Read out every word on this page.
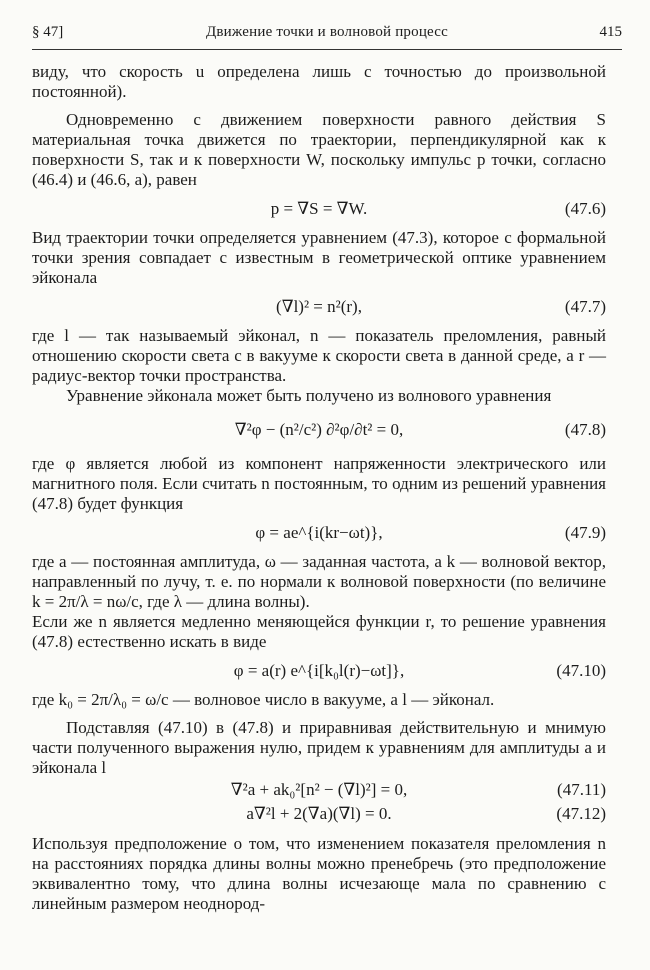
§ 47]	Движение точки и волновой процесс	415

виду, что скорость u определена лишь с точностью до произвольной постоянной).

Одновременно с движением поверхности равного действия S материальная точка движется по траектории, перпендикулярной как к поверхности S, так и к поверхности W, поскольку импульс p точки, согласно (46.4) и (46.6, а), равен

p = ∇S = ∇W.	(47.6)

Вид траектории точки определяется уравнением (47.3), которое с формальной точки зрения совпадает с известным в геометрической оптике уравнением эйконала

(∇l)² = n²(r),	(47.7)

где l — так называемый эйконал, n — показатель преломления, равный отношению скорости света c в вакууме к скорости света в данной среде, а r — радиус-вектор точки пространства.

Уравнение эйконала может быть получено из волнового уравнения

∇²φ − (n²/c²) ∂²φ/∂t² = 0,	(47.8)

где φ является любой из компонент напряженности электрического или магнитного поля. Если считать n постоянным, то одним из решений уравнения (47.8) будет функция

φ = ae^{i(kr−ωt)},	(47.9)

где a — постоянная амплитуда, ω — заданная частота, а k — волновой вектор, направленный по лучу, т. е. по нормали к волновой поверхности (по величине k = 2π/λ = nω/c, где λ — длина волны).

Если же n является медленно меняющейся функции r, то решение уравнения (47.8) естественно искать в виде

φ = a(r) e^{i[k₀l(r)−ωt]},	(47.10)

где k₀ = 2π/λ₀ = ω/c — волновое число в вакууме, а l — эйконал.

Подставляя (47.10) в (47.8) и приравнивая действительную и мнимую части полученного выражения нулю, придем к уравнениям для амплитуды a и эйконала l

∇²a + ak₀²[n² − (∇l)²] = 0,	(47.11)
a∇²l + 2(∇a)(∇l) = 0.	(47.12)

Используя предположение о том, что изменением показателя преломления n на расстояниях порядка длины волны можно пренебречь (это предположение эквивалентно тому, что длина волны исчезающе мала по сравнению с линейным размером неоднород-
